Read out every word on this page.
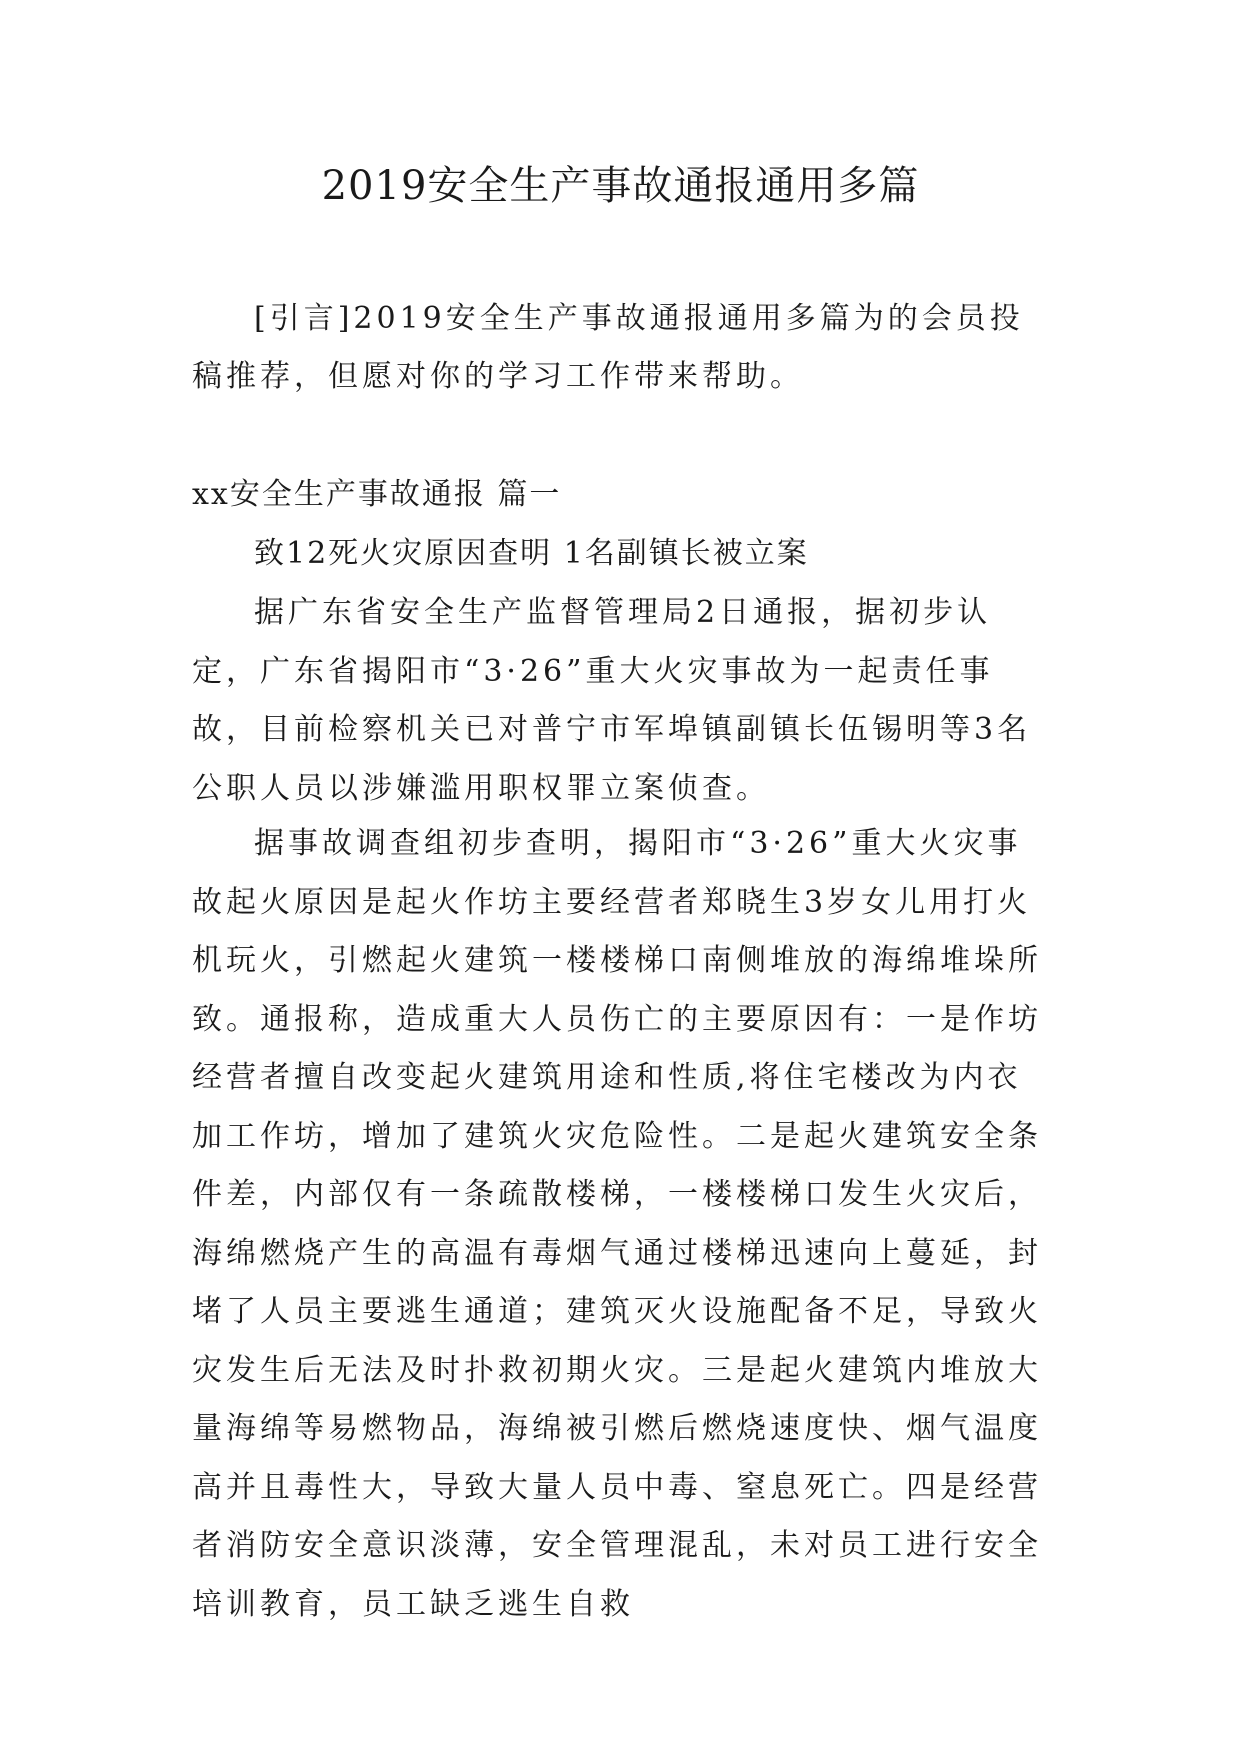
2019安全生产事故通报通用多篇

[引言]2019安全生产事故通报通用多篇为的会员投稿推荐，但愿对你的学习工作带来帮助。

xx安全生产事故通报 篇一

致12死火灾原因查明 1名副镇长被立案

据广东省安全生产监督管理局2日通报，据初步认定，广东省揭阳市“3·26”重大火灾事故为一起责任事故，目前检察机关已对普宁市军埠镇副镇长伍锡明等3名公职人员以涉嫌滥用职权罪立案侦查。

据事故调查组初步查明，揭阳市“3·26”重大火灾事故起火原因是起火作坊主要经营者郑晓生3岁女儿用打火机玩火，引燃起火建筑一楼楼梯口南侧堆放的海绵堆垛所致。通报称，造成重大人员伤亡的主要原因有：一是作坊经营者擅自改变起火建筑用途和性质,将住宅楼改为内衣加工作坊，增加了建筑火灾危险性。二是起火建筑安全条件差，内部仅有一条疏散楼梯，一楼楼梯口发生火灾后，海绵燃烧产生的高温有毒烟气通过楼梯迅速向上蔓延，封堵了人员主要逃生通道；建筑灭火设施配备不足，导致火灾发生后无法及时扑救初期火灾。三是起火建筑内堆放大量海绵等易燃物品，海绵被引燃后燃烧速度快、烟气温度高并且毒性大，导致大量人员中毒、窒息死亡。四是经营者消防安全意识淡薄，安全管理混乱，未对员工进行安全培训教育，员工缺乏逃生自救
